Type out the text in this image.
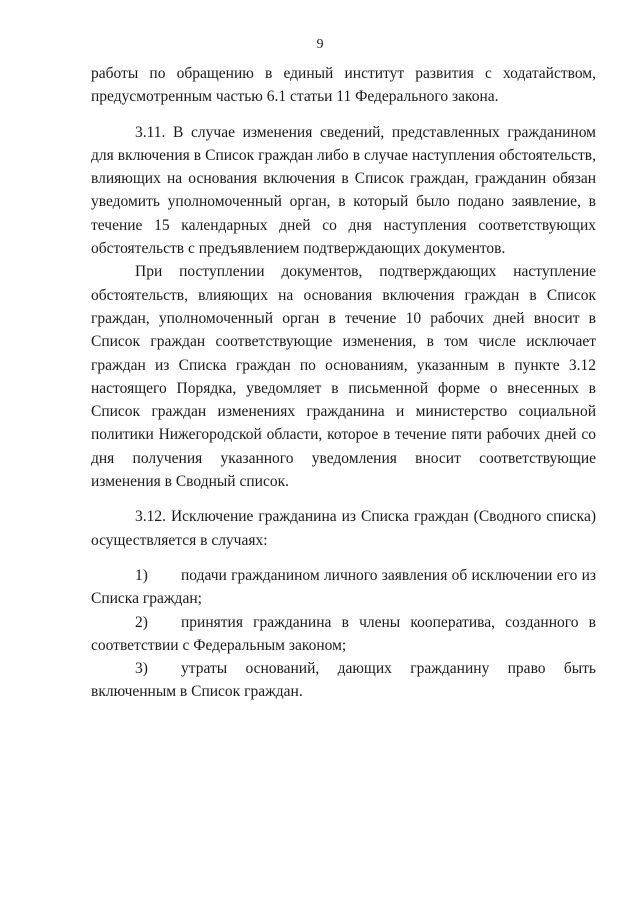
9

работы по обращению в единый институт развития с ходатайством, предусмотренным частью 6.1 статьи 11 Федерального закона.

3.11. В случае изменения сведений, представленных гражданином для включения в Список граждан либо в случае наступления обстоятельств, влияющих на основания включения в Список граждан, гражданин обязан уведомить уполномоченный орган, в который было подано заявление, в течение 15 календарных дней со дня наступления соответствующих обстоятельств с предъявлением подтверждающих документов.

При поступлении документов, подтверждающих наступление обстоятельств, влияющих на основания включения граждан в Список граждан, уполномоченный орган в течение 10 рабочих дней вносит в Список граждан соответствующие изменения, в том числе исключает граждан из Списка граждан по основаниям, указанным в пункте 3.12 настоящего Порядка, уведомляет в письменной форме о внесенных в Список граждан изменениях гражданина и министерство социальной политики Нижегородской области, которое в течение пяти рабочих дней со дня получения указанного уведомления вносит соответствующие изменения в Сводный список.

3.12. Исключение гражданина из Списка граждан (Сводного списка) осуществляется в случаях:

1) подачи гражданином личного заявления об исключении его из Списка граждан;

2) принятия гражданина в члены кооператива, созданного в соответствии с Федеральным законом;

3) утраты оснований, дающих гражданину право быть включенным в Список граждан.
